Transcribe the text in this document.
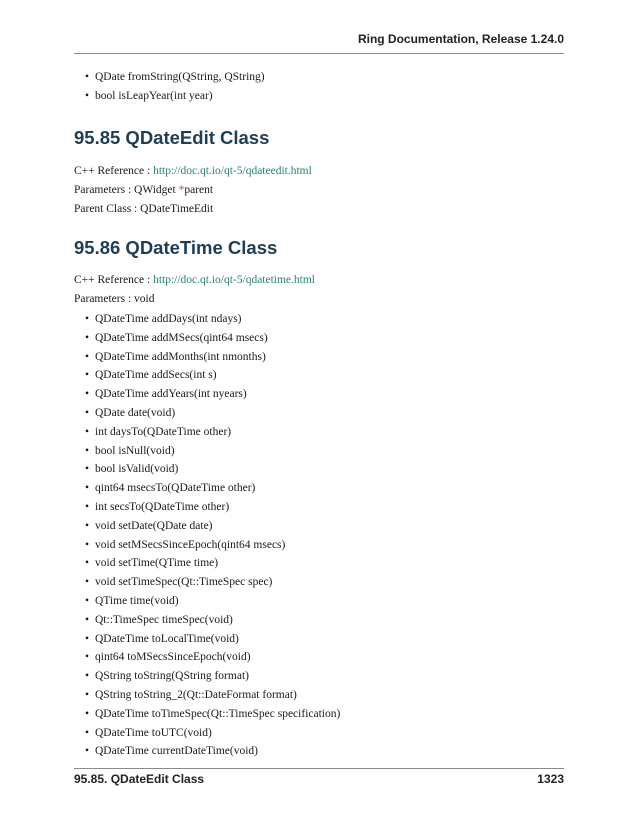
Ring Documentation, Release 1.24.0
• QDate fromString(QString, QString)
• bool isLeapYear(int year)
95.85 QDateEdit Class
C++ Reference : http://doc.qt.io/qt-5/qdateedit.html
Parameters : QWidget *parent
Parent Class : QDateTimeEdit
95.86 QDateTime Class
C++ Reference : http://doc.qt.io/qt-5/qdatetime.html
Parameters : void
• QDateTime addDays(int ndays)
• QDateTime addMSecs(qint64 msecs)
• QDateTime addMonths(int nmonths)
• QDateTime addSecs(int s)
• QDateTime addYears(int nyears)
• QDate date(void)
• int daysTo(QDateTime other)
• bool isNull(void)
• bool isValid(void)
• qint64 msecsTo(QDateTime other)
• int secsTo(QDateTime other)
• void setDate(QDate date)
• void setMSecsSinceEpoch(qint64 msecs)
• void setTime(QTime time)
• void setTimeSpec(Qt::TimeSpec spec)
• QTime time(void)
• Qt::TimeSpec timeSpec(void)
• QDateTime toLocalTime(void)
• qint64 toMSecsSinceEpoch(void)
• QString toString(QString format)
• QString toString_2(Qt::DateFormat format)
• QDateTime toTimeSpec(Qt::TimeSpec specification)
• QDateTime toUTC(void)
• QDateTime currentDateTime(void)
95.85. QDateEdit Class	1323
